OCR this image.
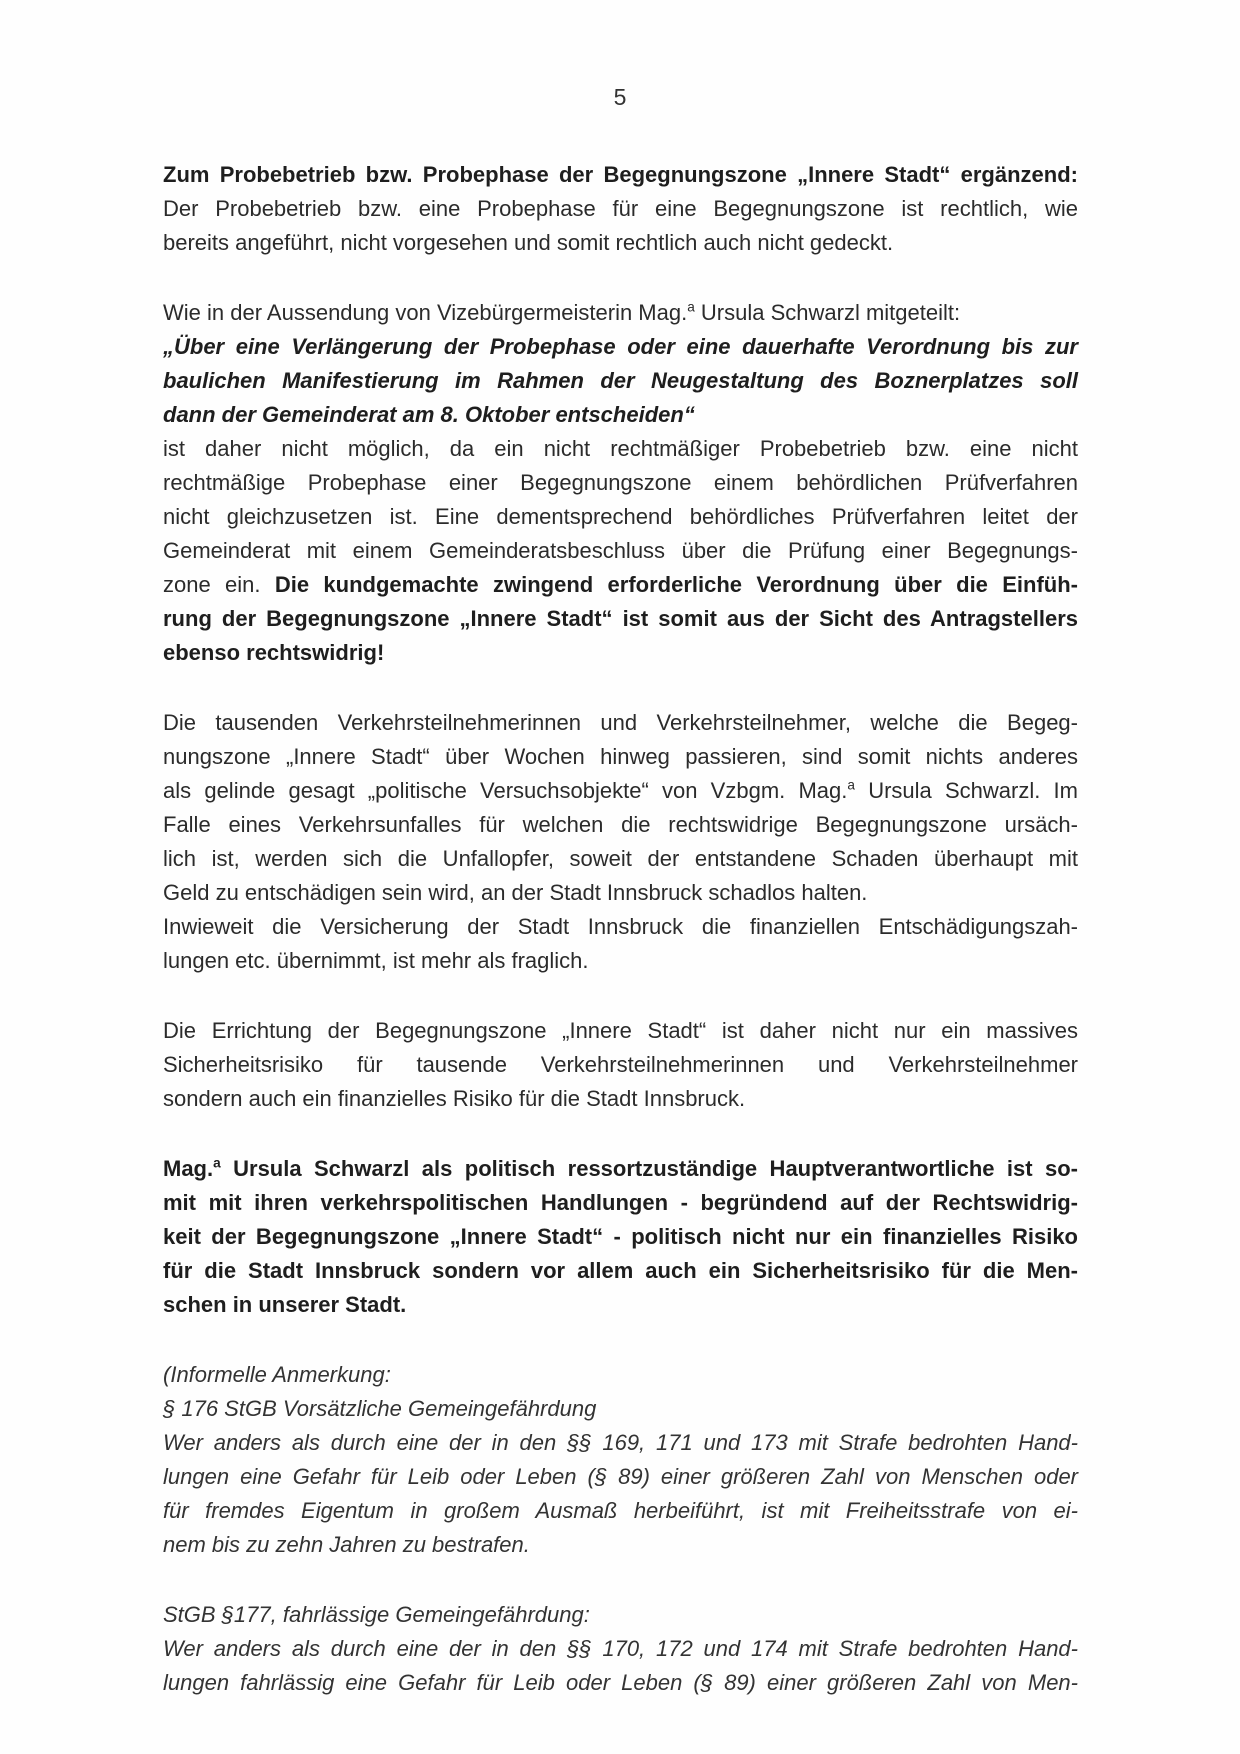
5
Zum Probebetrieb bzw. Probephase der Begegnungszone „Innere Stadt“ ergänzend:
Der Probebetrieb bzw. eine Probephase für eine Begegnungszone ist rechtlich, wie
bereits angeführt, nicht vorgesehen und somit rechtlich auch nicht gedeckt.
Wie in der Aussendung von Vizebürgermeisterin Mag.$^a$ Ursula Schwarzl mitgeteilt:
„Über eine Verlängerung der Probephase oder eine dauerhafte Verordnung bis zur
baulichen Manifestierung im Rahmen der Neugestaltung des Boznerplatzes soll
dann der Gemeinderat am 8. Oktober entscheiden“
ist daher nicht möglich, da ein nicht rechtmäßiger Probebetrieb bzw. eine nicht
rechtmäßige Probephase einer Begegnungszone einem behördlichen Prüfverfahren
nicht gleichzusetzen ist. Eine dementsprechend behördliches Prüfverfahren leitet der
Gemeinderat mit einem Gemeinderatsbeschluss über die Prüfung einer Begegnungs-
zone ein. Die kundgemachte zwingend erforderliche Verordnung über die Einfüh-
rung der Begegnungszone „Innere Stadt“ ist somit aus der Sicht des Antragstellers
ebenso rechtswidrig!
Die tausenden Verkehrsteilnehmerinnen und Verkehrsteilnehmer, welche die Begeg-
nungszone „Innere Stadt“ über Wochen hinweg passieren, sind somit nichts anderes
als gelinde gesagt „politische Versuchsobjekte“ von Vzbgm. Mag.$^a$ Ursula Schwarzl. Im
Falle eines Verkehrsunfalles für welchen die rechtswidrige Begegnungszone ursäch-
lich ist, werden sich die Unfallopfer, soweit der entstandene Schaden überhaupt mit
Geld zu entschädigen sein wird, an der Stadt Innsbruck schadlos halten.
Inwieweit die Versicherung der Stadt Innsbruck die finanziellen Entschädigungszah-
lungen etc. übernimmt, ist mehr als fraglich.
Die Errichtung der Begegnungszone „Innere Stadt“ ist daher nicht nur ein massives
Sicherheitsrisiko für tausende Verkehrsteilnehmerinnen und Verkehrsteilnehmer
sondern auch ein finanzielles Risiko für die Stadt Innsbruck.
Mag.$^a$ Ursula Schwarzl als politisch ressortzuständige Hauptverantwortliche ist so-
mit mit ihren verkehrspolitischen Handlungen - begründend auf der Rechtswidrig-
keit der Begegnungszone „Innere Stadt“ - politisch nicht nur ein finanzielles Risiko
für die Stadt Innsbruck sondern vor allem auch ein Sicherheitsrisiko für die Men-
schen in unserer Stadt.
(Informelle Anmerkung:
§ 176 StGB Vorsätzliche Gemeingefährdung
Wer anders als durch eine der in den §§ 169, 171 und 173 mit Strafe bedrohten Hand-
lungen eine Gefahr für Leib oder Leben (§ 89) einer größeren Zahl von Menschen oder
für fremdes Eigentum in großem Ausmaß herbeiführt, ist mit Freiheitsstrafe von ei-
nem bis zu zehn Jahren zu bestrafen.
StGB §177, fahrlässige Gemeingefährdung:
Wer anders als durch eine der in den §§ 170, 172 und 174 mit Strafe bedrohten Hand-
lungen fahrlässig eine Gefahr für Leib oder Leben (§ 89) einer größeren Zahl von Men-
